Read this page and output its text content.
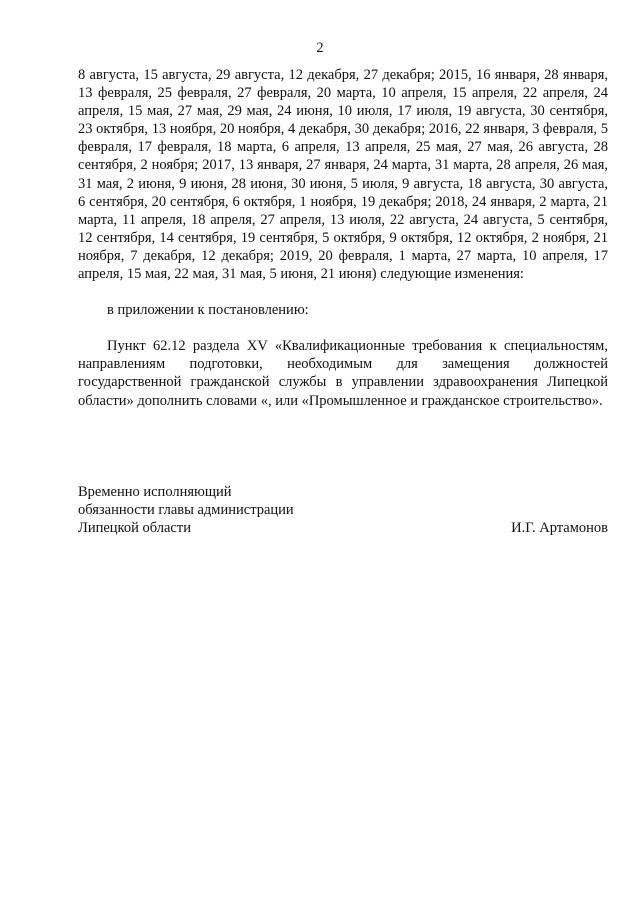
2

8 августа, 15 августа, 29 августа, 12 декабря, 27 декабря; 2015, 16 января, 28 января, 13 февраля, 25 февраля, 27 февраля, 20 марта, 10 апреля, 15 апреля, 22 апреля, 24 апреля, 15 мая, 27 мая, 29 мая, 24 июня, 10 июля, 17 июля, 19 августа, 30 сентября, 23 октября, 13 ноября, 20 ноября, 4 декабря, 30 декабря; 2016, 22 января, 3 февраля, 5 февраля, 17 февраля, 18 марта, 6 апреля, 13 апреля, 25 мая, 27 мая, 26 августа, 28 сентября, 2 ноября; 2017, 13 января, 27 января, 24 марта, 31 марта, 28 апреля, 26 мая, 31 мая, 2 июня, 9 июня, 28 июня, 30 июня, 5 июля, 9 августа, 18 августа, 30 августа, 6 сентября, 20 сентября, 6 октября, 1 ноября, 19 декабря; 2018, 24 января, 2 марта, 21 марта, 11 апреля, 18 апреля, 27 апреля, 13 июля, 22 августа, 24 августа, 5 сентября, 12 сентября, 14 сентября, 19 сентября, 5 октября, 9 октября, 12 октября, 2 ноября, 21 ноября, 7 декабря, 12 декабря; 2019, 20 февраля, 1 марта, 27 марта, 10 апреля, 17 апреля, 15 мая, 22 мая, 31 мая, 5 июня, 21 июня) следующие изменения:

в приложении к постановлению:

Пункт 62.12 раздела XV «Квалификационные требования к специальностям, направлениям подготовки, необходимым для замещения должностей государственной гражданской службы в управлении здравоохранения Липецкой области» дополнить словами «, или «Промышленное и гражданское строительство».

Временно исполняющий
обязанности главы администрации
Липецкой области	И.Г. Артамонов
